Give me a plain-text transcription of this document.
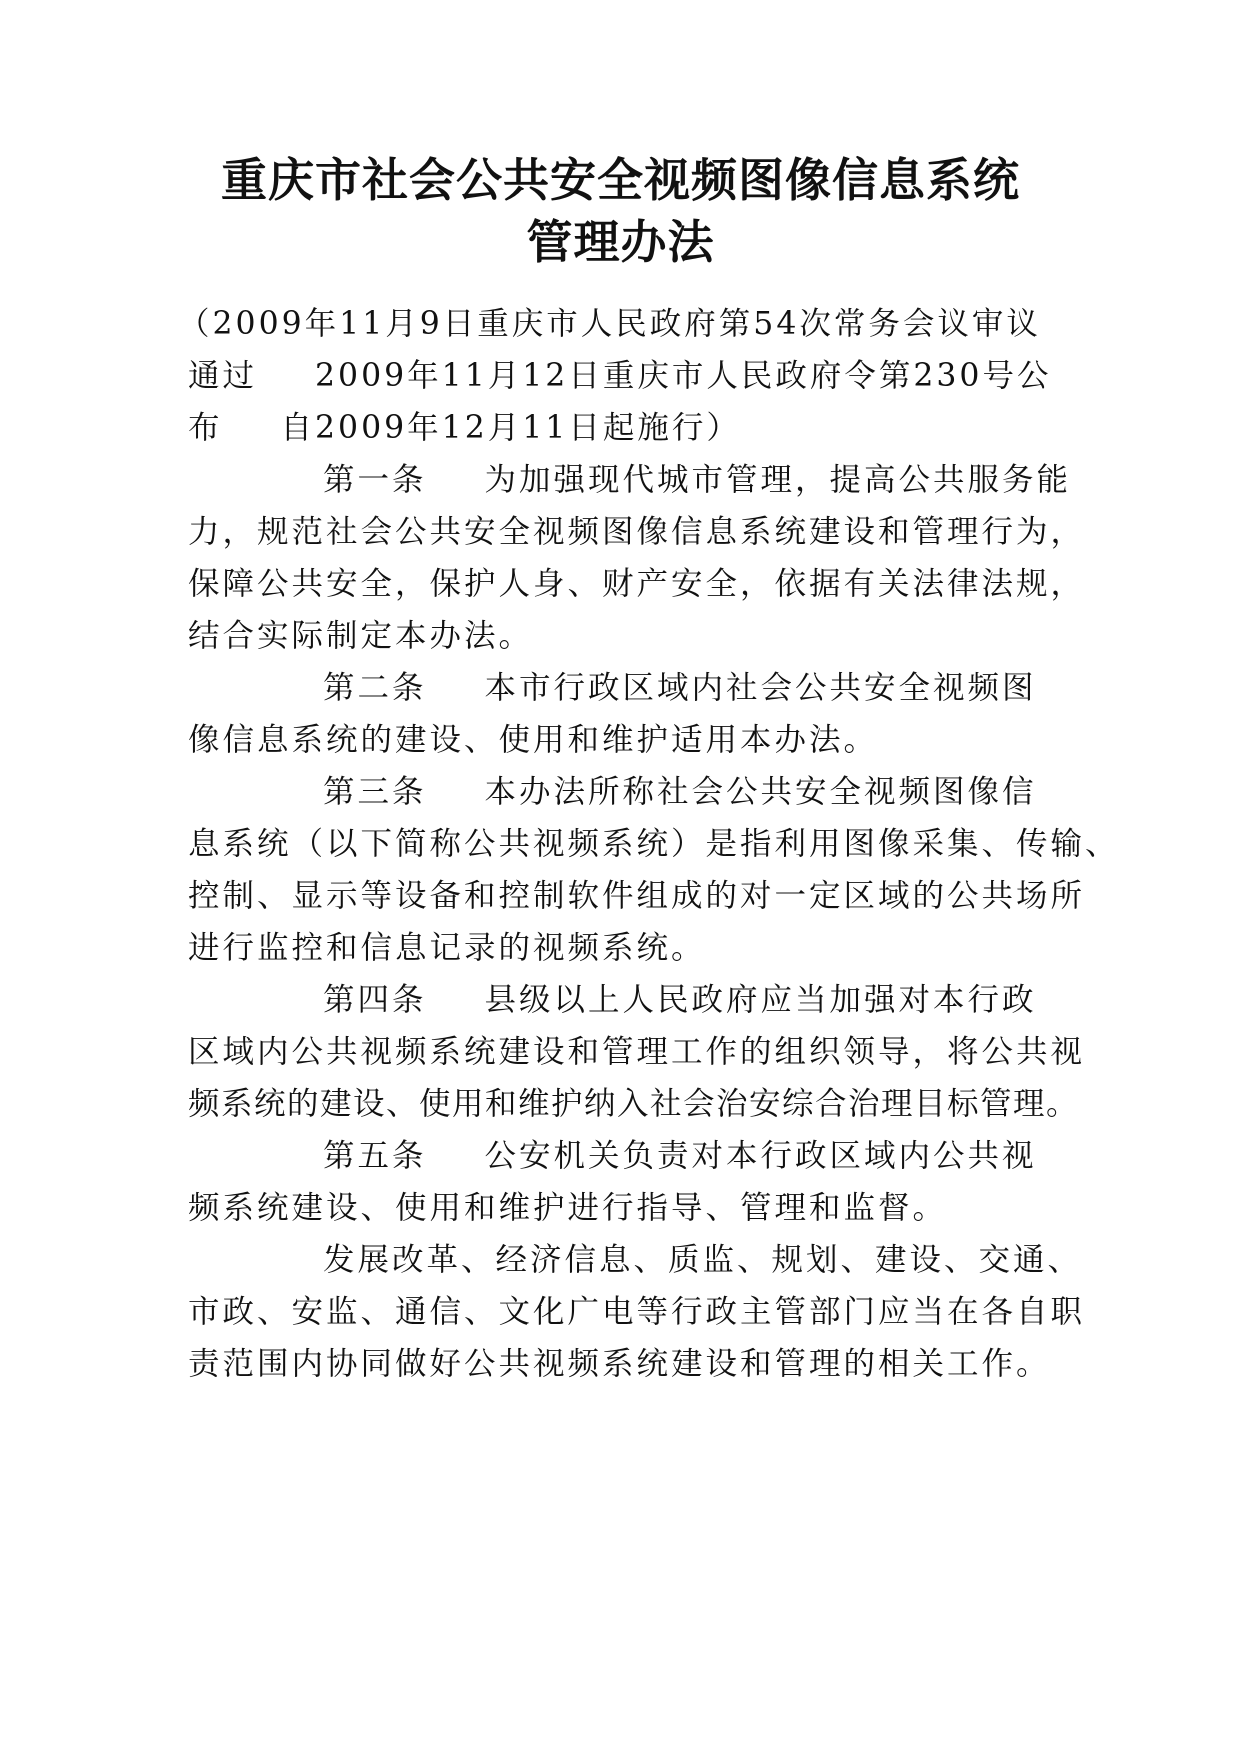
重庆市社会公共安全视频图像信息系统
管理办法
（2009年11月9日重庆市人民政府第54次常务会议审议
通过 2009年11月12日重庆市人民政府令第230号公
布 自2009年12月11日起施行）
第一条 为加强现代城市管理，提高公共服务能
力，规范社会公共安全视频图像信息系统建设和管理行为，
保障公共安全，保护人身、财产安全，依据有关法律法规，
结合实际制定本办法。
第二条 本市行政区域内社会公共安全视频图
像信息系统的建设、使用和维护适用本办法。
第三条 本办法所称社会公共安全视频图像信
息系统（以下简称公共视频系统）是指利用图像采集、传输、
控制、显示等设备和控制软件组成的对一定区域的公共场所
进行监控和信息记录的视频系统。
第四条 县级以上人民政府应当加强对本行政
区域内公共视频系统建设和管理工作的组织领导，将公共视
频系统的建设、使用和维护纳入社会治安综合治理目标管理。
第五条 公安机关负责对本行政区域内公共视
频系统建设、使用和维护进行指导、管理和监督。
发展改革、经济信息、质监、规划、建设、交通、
市政、安监、通信、文化广电等行政主管部门应当在各自职
责范围内协同做好公共视频系统建设和管理的相关工作。
